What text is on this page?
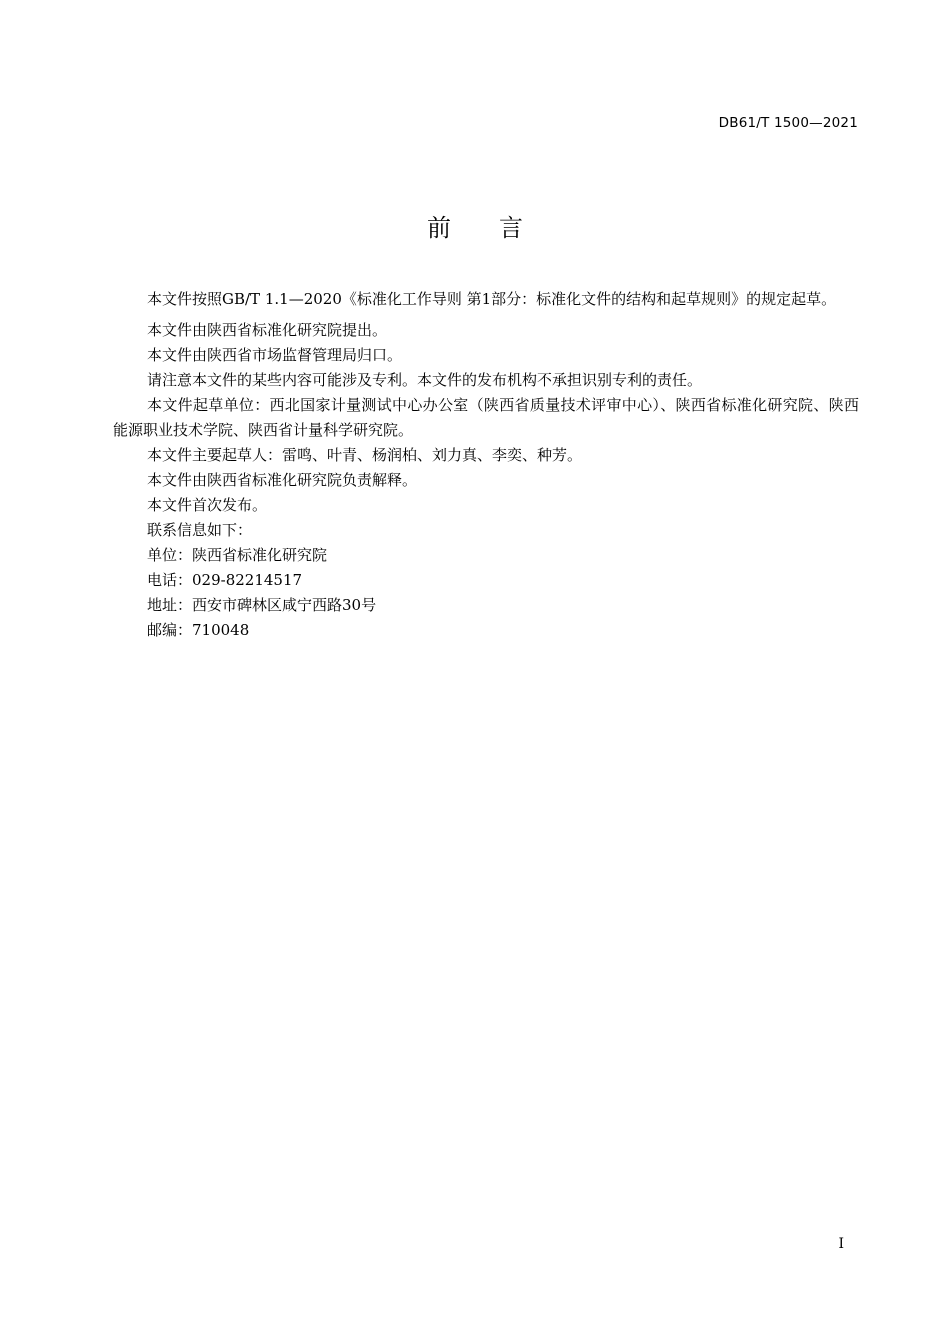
DB61/T 1500—2021
前 言

本文件按照GB/T 1.1—2020《标准化工作导则 第1部分：标准化文件的结构和起草规则》的规定起草。

本文件由陕西省标准化研究院提出。

本文件由陕西省市场监督管理局归口。

请注意本文件的某些内容可能涉及专利。本文件的发布机构不承担识别专利的责任。

本文件起草单位：西北国家计量测试中心办公室（陕西省质量技术评审中心）、陕西省标准化研究院、陕西能源职业技术学院、陕西省计量科学研究院。

本文件主要起草人：雷鸣、叶青、杨润柏、刘力真、李奕、种芳。

本文件由陕西省标准化研究院负责解释。

本文件首次发布。

联系信息如下：

单位：陕西省标准化研究院

电话：029-82214517

地址：西安市碑林区咸宁西路30号

邮编：710048

I
